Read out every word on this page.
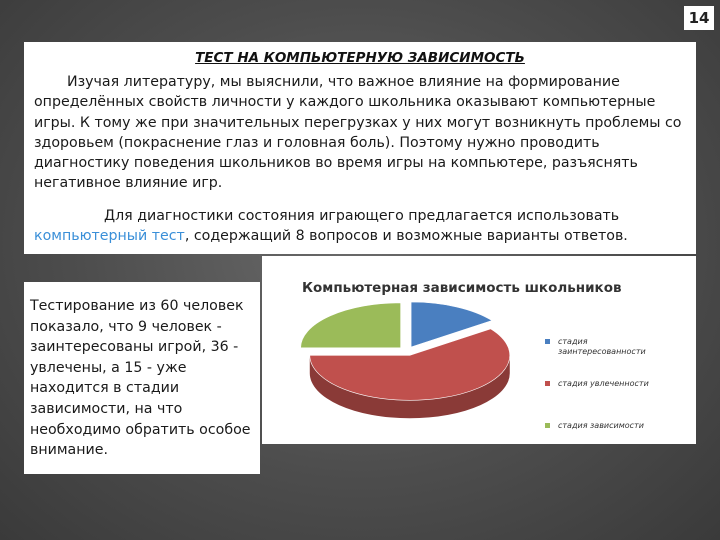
14
ТЕСТ НА КОМПЬЮТЕРНУЮ ЗАВИСИМОСТЬ

Изучая литературу, мы выяснили, что важное влияние на формирование определённых свойств личности у каждого школьника оказывают компьютерные игры. К тому же при значительных перегрузках у них могут возникнуть проблемы со здоровьем (покраснение глаз и головная боль). Поэтому нужно проводить диагностику поведения школьников во время игры на компьютере, разъяснять негативное влияние игр.

Для диагностики состояния играющего предлагается использовать компьютерный тест, содержащий 8 вопросов и возможные варианты ответов.

Тестирование из 60 человек показало, что 9 человек - заинтересованы игрой, 36 - увлечены, а 15 - уже находится в стадии зависимости, на что необходимо обратить особое внимание.

Компьютерная зависимость школьников
стадия заинтересованности
стадия увлеченности
стадия зависимости
